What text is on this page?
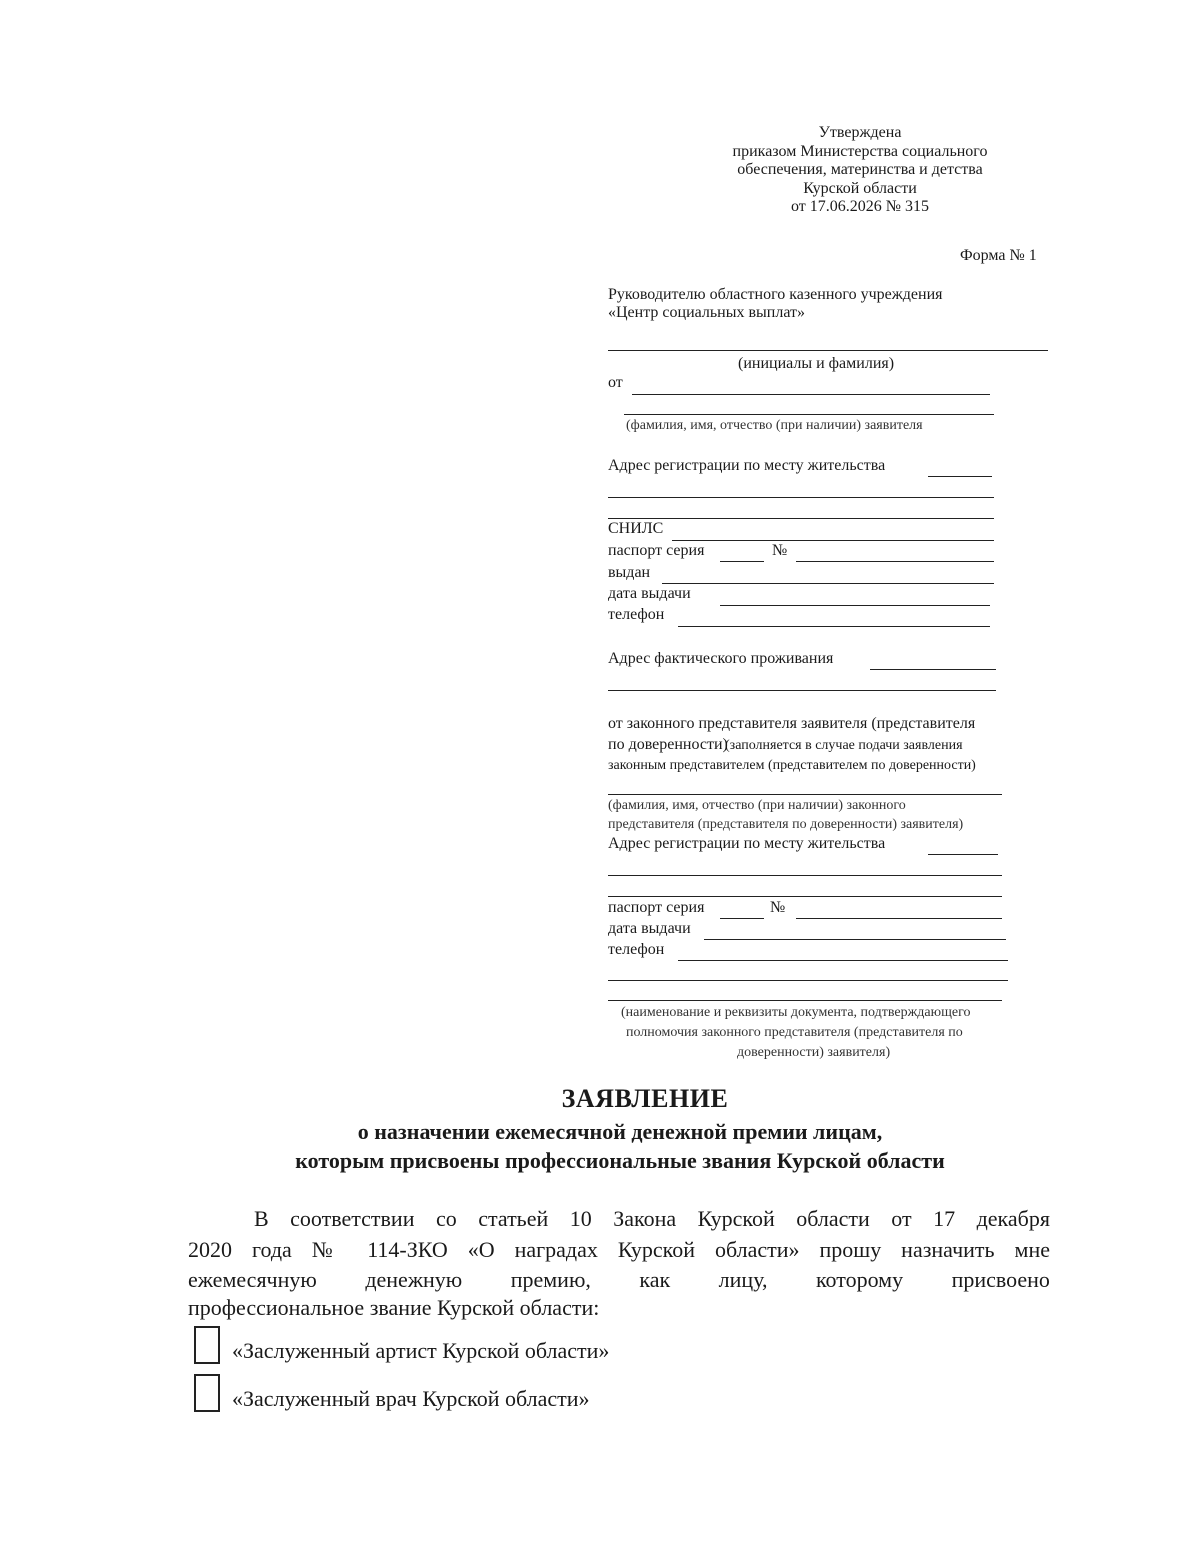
Утверждена
приказом Министерства социального
обеспечения, материнства и детства
Курской области
от 17.06.2026 № 315
Форма № 1
Руководителю областного казенного учреждения
«Центр социальных выплат»
(инициалы и фамилия)
от
(фамилия, имя, отчество (при наличии) заявителя
Адрес регистрации по месту жительства
СНИЛС
паспорт серия	№
выдан
дата выдачи
телефон
Адрес фактического проживания
от законного представителя заявителя (представителя
по доверенности)
(заполняется в случае подачи заявления
законным представителем (представителем по доверенности)
(фамилия, имя, отчество (при наличии) законного
представителя (представителя по доверенности) заявителя)
Адрес регистрации по месту жительства
паспорт серия	№
дата выдачи
телефон
(наименование и реквизиты документа, подтверждающего
полномочия законного представителя (представителя по
доверенности) заявителя)
ЗАЯВЛЕНИЕ
о назначении ежемесячной денежной премии лицам,
которым присвоены профессиональные звания Курской области
В соответствии со статьей 10 Закона Курской области от 17 декабря
2020 года № 114-ЗКО «О наградах Курской области» прошу назначить мне
ежемесячную денежную премию, как лицу, которому присвоено
профессиональное звание Курской области:
«Заслуженный артист Курской области»
«Заслуженный врач Курской области»
